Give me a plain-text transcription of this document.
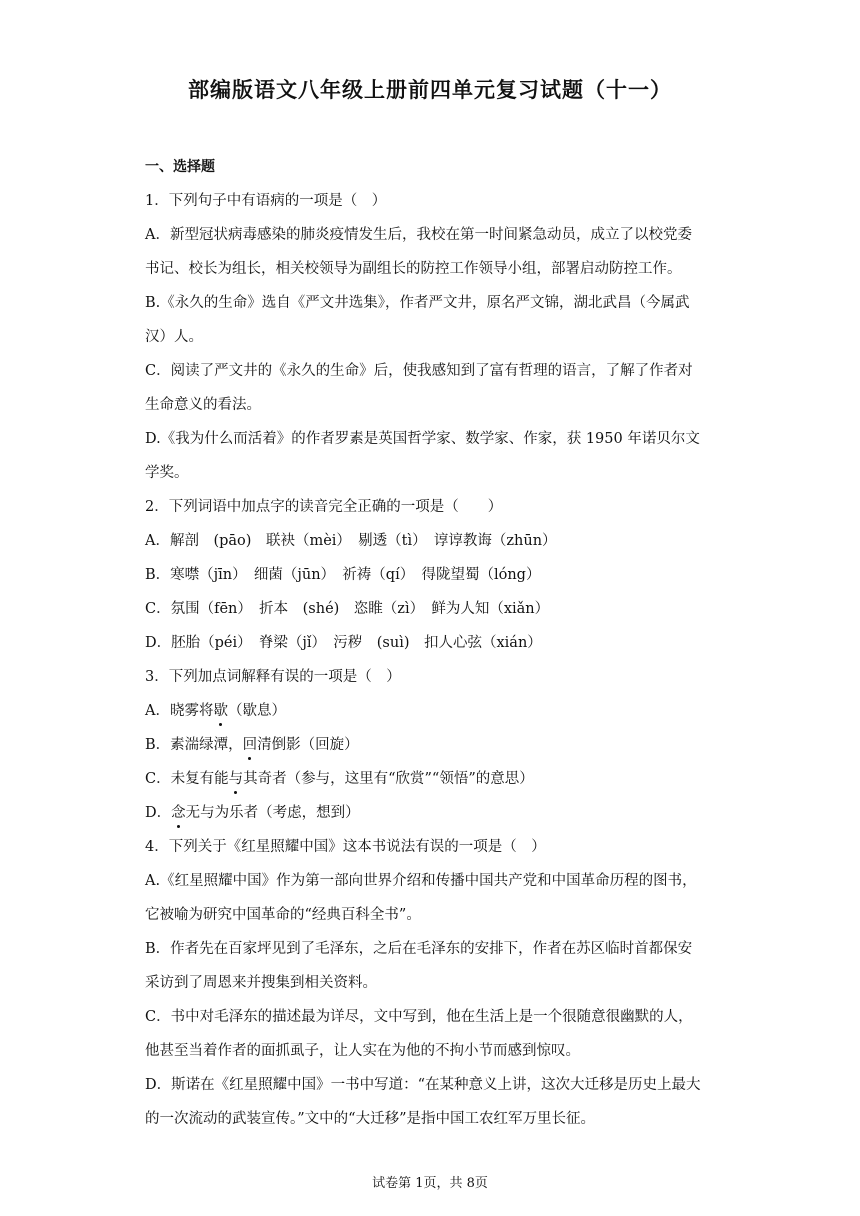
部编版语文八年级上册前四单元复习试题（十一）
一、选择题
1．下列句子中有语病的一项是（　）
A．新型冠状病毒感染的肺炎疫情发生后，我校在第一时间紧急动员，成立了以校党委
书记、校长为组长，相关校领导为副组长的防控工作领导小组，部署启动防控工作。
B.《永久的生命》选自《严文井选集》，作者严文井，原名严文锦，湖北武昌（今属武
汉）人。
C．阅读了严文井的《永久的生命》后，使我感知到了富有哲理的语言，了解了作者对
生命意义的看法。
D.《我为什么而活着》的作者罗素是英国哲学家、数学家、作家，获 1950 年诺贝尔文
学奖。
2．下列词语中加点字的读音完全正确的一项是（　　）
A．解剖　(pāo)　联袂（mèi）　剔透（tì）　谆谆教诲（zhūn）
B．寒噤（jīn）　细菌（jūn）　祈祷（qí）　得陇望蜀（lóng）
C．氛围（fēn）　折本　(shé)　恣睢（zì）　鲜为人知（xiǎn）
D．胚胎（péi）　脊梁（jǐ）　污秽　(suì)　扣人心弦（xián）
3．下列加点词解释有误的一项是（　）
A．晓雾将歇（歇息）
B．素湍绿潭，回清倒影（回旋）
C．未复有能与其奇者（参与，这里有“欣赏”“领悟”的意思）
D．念无与为乐者（考虑，想到）
4．下列关于《红星照耀中国》这本书说法有误的一项是（　）
A.《红星照耀中国》作为第一部向世界介绍和传播中国共产党和中国革命历程的图书，
它被喻为研究中国革命的“经典百科全书”。
B．作者先在百家坪见到了毛泽东，之后在毛泽东的安排下，作者在苏区临时首都保安
采访到了周恩来并搜集到相关资料。
C．书中对毛泽东的描述最为详尽，文中写到，他在生活上是一个很随意很幽默的人，
他甚至当着作者的面抓虱子，让人实在为他的不拘小节而感到惊叹。
D．斯诺在《红星照耀中国》一书中写道：“在某种意义上讲，这次大迁移是历史上最大
的一次流动的武装宣传。”文中的“大迁移”是指中国工农红军万里长征。
试卷第 1页，共 8页
